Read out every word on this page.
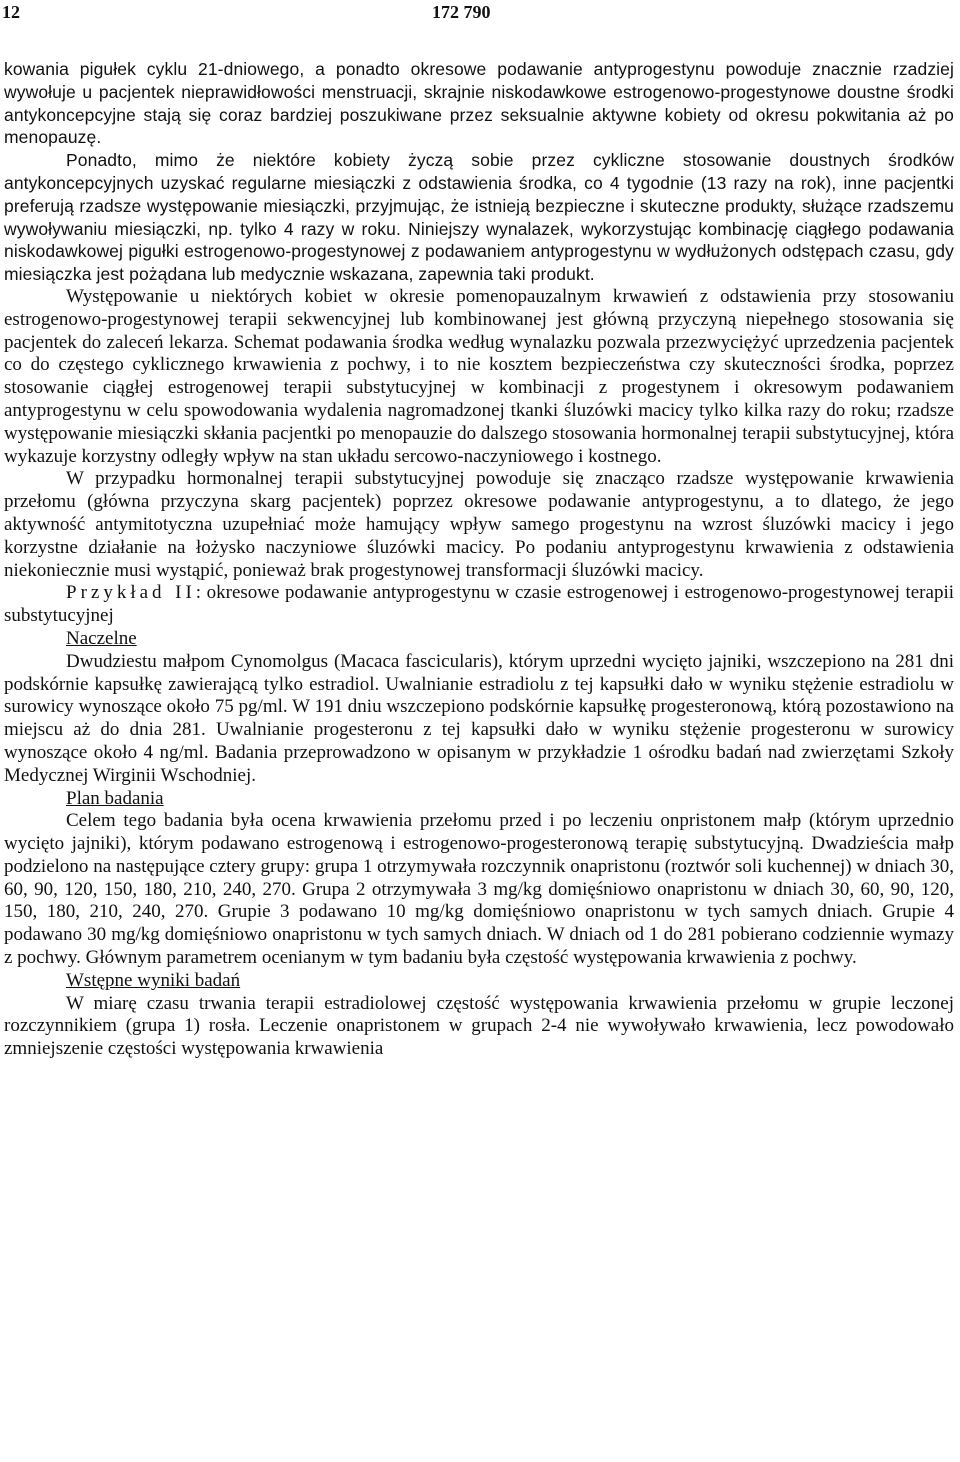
12	172 790

kowania pigułek cyklu 21-dniowego, a ponadto okresowe podawanie antyprogestynu powoduje znacznie rzadziej wywołuje u pacjentek nieprawidłowości menstruacji, skrajnie niskodawkowe estrogenowo-progestynowe doustne środki antykoncepcyjne stają się coraz bardziej poszukiwane przez seksualnie aktywne kobiety od okresu pokwitania aż po menopauzę.

Ponadto, mimo że niektóre kobiety życzą sobie przez cykliczne stosowanie doustnych środków antykoncepcyjnych uzyskać regularne miesiączki z odstawienia środka, co 4 tygodnie (13 razy na rok), inne pacjentki preferują rzadsze występowanie miesiączki, przyjmując, że istnieją bezpieczne i skuteczne produkty, służące rzadszemu wywoływaniu miesiączki, np. tylko 4 razy w roku. Niniejszy wynalazek, wykorzystując kombinację ciągłego podawania niskodawkowej pigułki estrogenowo-progestynowej z podawaniem antyprogestynu w wydłużonych odstępach czasu, gdy miesiączka jest pożądana lub medycznie wskazana, zapewnia taki produkt.

Występowanie u niektórych kobiet w okresie pomenopauzalnym krwawień z odstawienia przy stosowaniu estrogenowo-progestynowej terapii sekwencyjnej lub kombinowanej jest główną przyczyną niepełnego stosowania się pacjentek do zaleceń lekarza. Schemat podawania środka według wynalazku pozwala przezwyciężyć uprzedzenia pacjentek co do częstego cyklicznego krwawienia z pochwy, i to nie kosztem bezpieczeństwa czy skuteczności środka, poprzez stosowanie ciągłej estrogenowej terapii substytucyjnej w kombinacji z progestynem i okresowym podawaniem antyprogestynu w celu spowodowania wydalenia nagromadzonej tkanki śluzówki macicy tylko kilka razy do roku; rzadsze występowanie miesiączki skłania pacjentki po menopauzie do dalszego stosowania hormonalnej terapii substytucyjnej, która wykazuje korzystny odległy wpływ na stan układu sercowo-naczyniowego i kostnego.

W przypadku hormonalnej terapii substytucyjnej powoduje się znacząco rzadsze występowanie krwawienia przełomu (główna przyczyna skarg pacjentek) poprzez okresowe podawanie antyprogestynu, a to dlatego, że jego aktywność antymitotyczna uzupełniać może hamujący wpływ samego progestynu na wzrost śluzówki macicy i jego korzystne działanie na łożysko naczyniowe śluzówki macicy. Po podaniu antyprogestynu krwawienia z odstawienia niekoniecznie musi wystąpić, ponieważ brak progestynowej transformacji śluzówki macicy.

Przykład II: okresowe podawanie antyprogestynu w czasie estrogenowej i estrogenowo-progestynowej terapii substytucyjnej

Naczelne

Dwudziestu małpom Cynomolgus (Macaca fascicularis), którym uprzedni wycięto jajniki, wszczepiono na 281 dni podskórnie kapsułkę zawierającą tylko estradiol. Uwalnianie estradiolu z tej kapsułki dało w wyniku stężenie estradiolu w surowicy wynoszące około 75 pg/ml. W 191 dniu wszczepiono podskórnie kapsułkę progesteronową, którą pozostawiono na miejscu aż do dnia 281. Uwalnianie progesteronu z tej kapsułki dało w wyniku stężenie progesteronu w surowicy wynoszące około 4 ng/ml. Badania przeprowadzono w opisanym w przykładzie 1 ośrodku badań nad zwierzętami Szkoły Medycznej Wirginii Wschodniej.

Plan badania

Celem tego badania była ocena krwawienia przełomu przed i po leczeniu onpristonem małp (którym uprzednio wycięto jajniki), którym podawano estrogenową i estrogenowo-progesteronową terapię substytucyjną. Dwadzieścia małp podzielono na następujące cztery grupy: grupa 1 otrzymywała rozczynnik onapristonu (roztwór soli kuchennej) w dniach 30, 60, 90, 120, 150, 180, 210, 240, 270. Grupa 2 otrzymywała 3 mg/kg domięśniowo onapristonu w dniach 30, 60, 90, 120, 150, 180, 210, 240, 270. Grupie 3 podawano 10 mg/kg domięśniowo onapristonu w tych samych dniach. Grupie 4 podawano 30 mg/kg domięśniowo onapristonu w tych samych dniach. W dniach od 1 do 281 pobierano codziennie wymazy z pochwy. Głównym parametrem ocenianym w tym badaniu była częstość występowania krwawienia z pochwy.

Wstępne wyniki badań

W miarę czasu trwania terapii estradiolowej częstość występowania krwawienia przełomu w grupie leczonej rozczynnikiem (grupa 1) rosła. Leczenie onapristonem w grupach 2-4 nie wywoływało krwawienia, lecz powodowało zmniejszenie częstości występowania krwawienia
